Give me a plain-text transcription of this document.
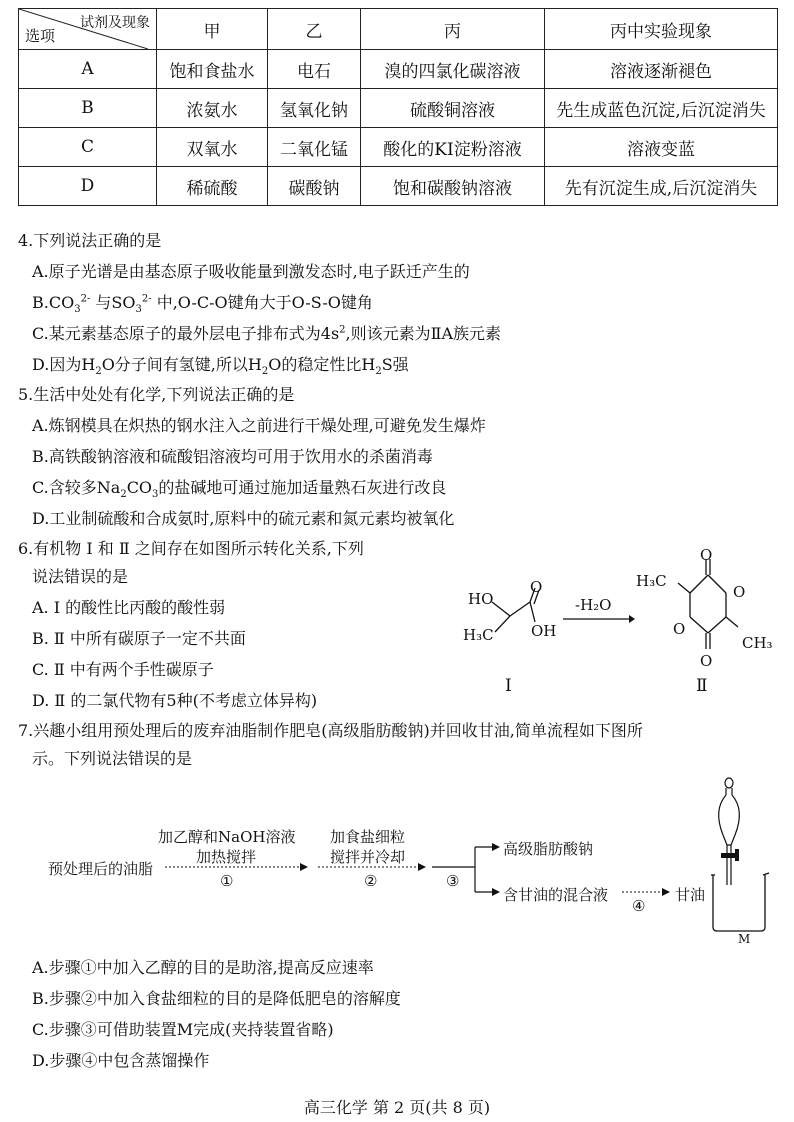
试剂及现象
选项	甲	乙	丙	丙中实验现象
A	饱和食盐水	电石	溴的四氯化碳溶液	溶液逐渐褪色
B	浓氨水	氢氧化钠	硫酸铜溶液	先生成蓝色沉淀,后沉淀消失
C	双氧水	二氧化锰	酸化的KI淀粉溶液	溶液变蓝
D	稀硫酸	碳酸钠	饱和碳酸钠溶液	先有沉淀生成,后沉淀消失
4.下列说法正确的是
A.原子光谱是由基态原子吸收能量到激发态时,电子跃迁产生的
$B.CO_3^{2-}$ 与$SO_3^{2-}$ 中,O-C-O键角大于O-S-O键角
C.某元素基态原子的最外层电子排布式为$4s^2$,则该元素为ⅡA族元素
D.因为$H_2O$分子间有氢键,所以$H_2O$的稳定性比$H_2S$强
5.生活中处处有化学,下列说法正确的是
A.炼钢模具在炽热的钢水注入之前进行干燥处理,可避免发生爆炸
B.高铁酸钠溶液和硫酸铝溶液均可用于饮用水的杀菌消毒
C.含较多$Na_2CO_3$的盐碱地可通过施加适量熟石灰进行改良
D.工业制硫酸和合成氨时,原料中的硫元素和氮元素均被氧化
6.有机物 Ⅰ 和 Ⅱ 之间存在如图所示转化关系,下列
说法错误的是
A. Ⅰ 的酸性比丙酸的酸性弱
B. Ⅱ 中所有碳原子一定不共面
C. Ⅱ 中有两个手性碳原子
D. Ⅱ 的二氯代物有5种(不考虑立体异构)
HO
O
H₃C OH
Ⅰ
-H₂O
O
H₃C
O
O
CH₃
O
Ⅱ
7.兴趣小组用预处理后的废弃油脂制作肥皂(高级脂肪酸钠)并回收甘油,简单流程如下图所
示。下列说法错误的是
预处理后的油脂
加乙醇和NaOH溶液
加热搅拌
①
加食盐细粒
搅拌并冷却
②	③
高级脂肪酸钠
含甘油的混合液
④
甘油
M
A.步骤①中加入乙醇的目的是助溶,提高反应速率
B.步骤②中加入食盐细粒的目的是降低肥皂的溶解度
C.步骤③可借助装置M完成(夹持装置省略)
D.步骤④中包含蒸馏操作
高三化学 第 2 页(共 8 页)
